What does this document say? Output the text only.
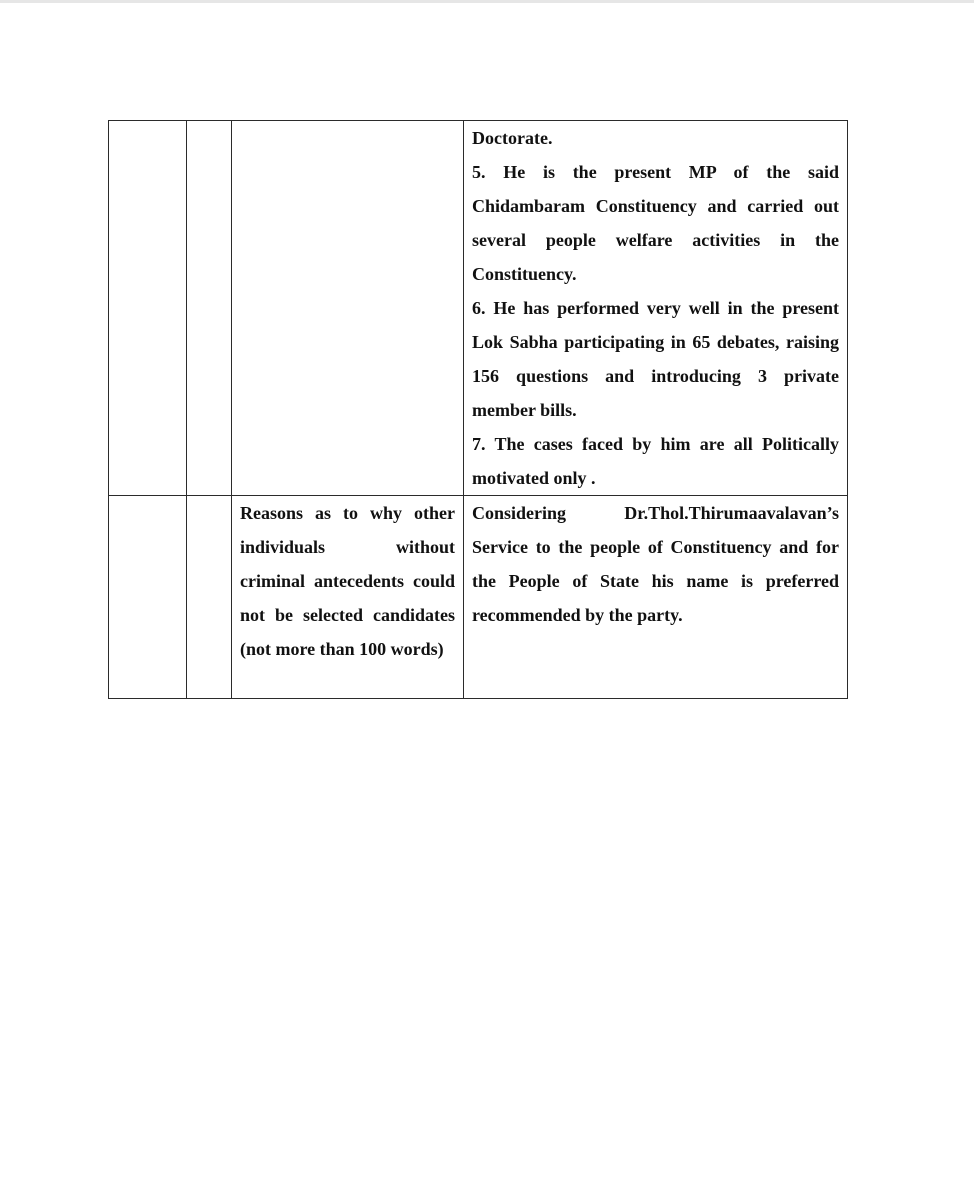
			Doctorate.
5. He is the present MP of the said Chidambaram Constituency and carried out several people welfare activities in the Constituency.
6. He has performed very well in the present Lok Sabha participating in 65 debates, raising 156 questions and introducing 3 private member bills.
7. The cases faced by him are all Politically motivated only .

		Reasons as to why other individuals without criminal antecedents could not be selected candidates (not more than 100 words)	Considering Dr.Thol.Thirumaavalavan’s Service to the people of Constituency and for the People of State his name is preferred recommended by the party.
